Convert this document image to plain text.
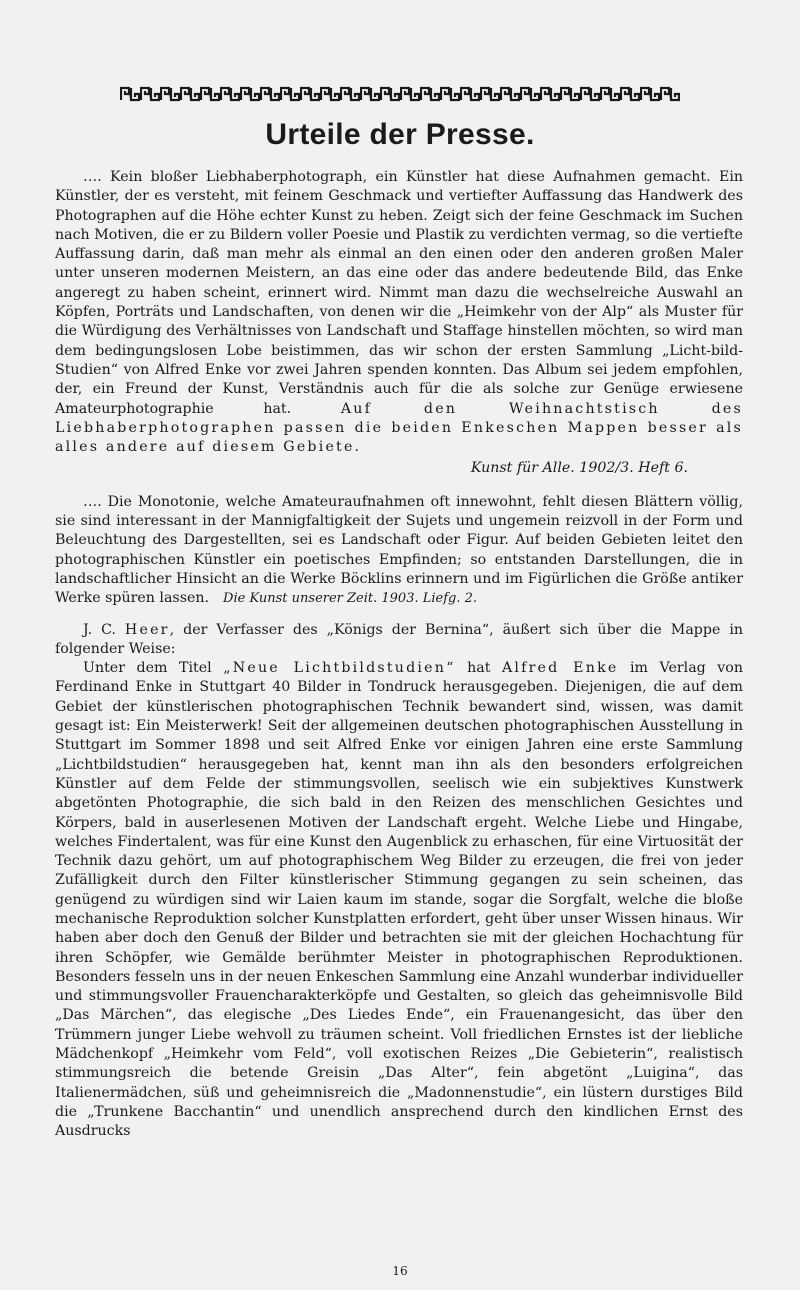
Urteile der Presse.

…. Kein bloßer Liebhaberphotograph, ein Künstler hat diese Aufnahmen gemacht. Ein Künstler, der es versteht, mit feinem Geschmack und vertiefter Auffassung das Handwerk des Photographen auf die Höhe echter Kunst zu heben. Zeigt sich der feine Geschmack im Suchen nach Motiven, die er zu Bildern voller Poesie und Plastik zu verdichten vermag, so die vertiefte Auffassung darin, daß man mehr als einmal an den einen oder den anderen großen Maler unter unseren modernen Meistern, an das eine oder das andere bedeutende Bild, das Enke angeregt zu haben scheint, erinnert wird. Nimmt man dazu die wechselreiche Auswahl an Köpfen, Porträts und Landschaften, von denen wir die „Heimkehr von der Alp“ als Muster für die Würdigung des Verhältnisses von Landschaft und Staffage hinstellen möchten, so wird man dem bedingungslosen Lobe beistimmen, das wir schon der ersten Sammlung „Licht-bild-Studien“ von Alfred Enke vor zwei Jahren spenden konnten. Das Album sei jedem empfohlen, der, ein Freund der Kunst, Verständnis auch für die als solche zur Genüge erwiesene Amateurphotographie hat. Auf den Weihnachtstisch des Liebhaberphotographen passen die beiden Enkeschen Mappen besser als alles andere auf diesem Gebiete.

Kunst für Alle. 1902/3. Heft 6.

…. Die Monotonie, welche Amateuraufnahmen oft innewohnt, fehlt diesen Blättern völlig, sie sind interessant in der Mannigfaltigkeit der Sujets und ungemein reizvoll in der Form und Beleuchtung des Dargestellten, sei es Landschaft oder Figur. Auf beiden Gebieten leitet den photographischen Künstler ein poetisches Empfinden; so entstanden Darstellungen, die in landschaftlicher Hinsicht an die Werke Böcklins erinnern und im Figürlichen die Größe antiker Werke spüren lassen. Die Kunst unserer Zeit. 1903. Liefg. 2.

J. C. Heer, der Verfasser des „Königs der Bernina“, äußert sich über die Mappe in folgender Weise:

Unter dem Titel „Neue Lichtbildstudien“ hat Alfred Enke im Verlag von Ferdinand Enke in Stuttgart 40 Bilder in Tondruck herausgegeben. Diejenigen, die auf dem Gebiet der künstlerischen photographischen Technik bewandert sind, wissen, was damit gesagt ist: Ein Meisterwerk! Seit der allgemeinen deutschen photographischen Ausstellung in Stuttgart im Sommer 1898 und seit Alfred Enke vor einigen Jahren eine erste Sammlung „Lichtbildstudien“ herausgegeben hat, kennt man ihn als den besonders erfolgreichen Künstler auf dem Felde der stimmungsvollen, seelisch wie ein subjektives Kunstwerk abgetönten Photographie, die sich bald in den Reizen des menschlichen Gesichtes und Körpers, bald in auserlesenen Motiven der Landschaft ergeht. Welche Liebe und Hingabe, welches Findertalent, was für eine Kunst den Augenblick zu erhaschen, für eine Virtuosität der Technik dazu gehört, um auf photographischem Weg Bilder zu erzeugen, die frei von jeder Zufälligkeit durch den Filter künstlerischer Stimmung gegangen zu sein scheinen, das genügend zu würdigen sind wir Laien kaum im stande, sogar die Sorgfalt, welche die bloße mechanische Reproduktion solcher Kunstplatten erfordert, geht über unser Wissen hinaus. Wir haben aber doch den Genuß der Bilder und betrachten sie mit der gleichen Hochachtung für ihren Schöpfer, wie Gemälde berühmter Meister in photographischen Reproduktionen. Besonders fesseln uns in der neuen Enkeschen Sammlung eine Anzahl wunderbar individueller und stimmungsvoller Frauencharakterköpfe und Gestalten, so gleich das geheimnisvolle Bild „Das Märchen“, das elegische „Des Liedes Ende“, ein Frauenangesicht, das über den Trümmern junger Liebe wehvoll zu träumen scheint. Voll friedlichen Ernstes ist der liebliche Mädchenkopf „Heimkehr vom Feld“, voll exotischen Reizes „Die Gebieterin“, realistisch stimmungsreich die betende Greisin „Das Alter“, fein abgetönt „Luigina“, das Italienermädchen, süß und geheimnisreich die „Madonnenstudie“, ein lüstern durstiges Bild die „Trunkene Bacchantin“ und unendlich ansprechend durch den kindlichen Ernst des Ausdrucks

16
